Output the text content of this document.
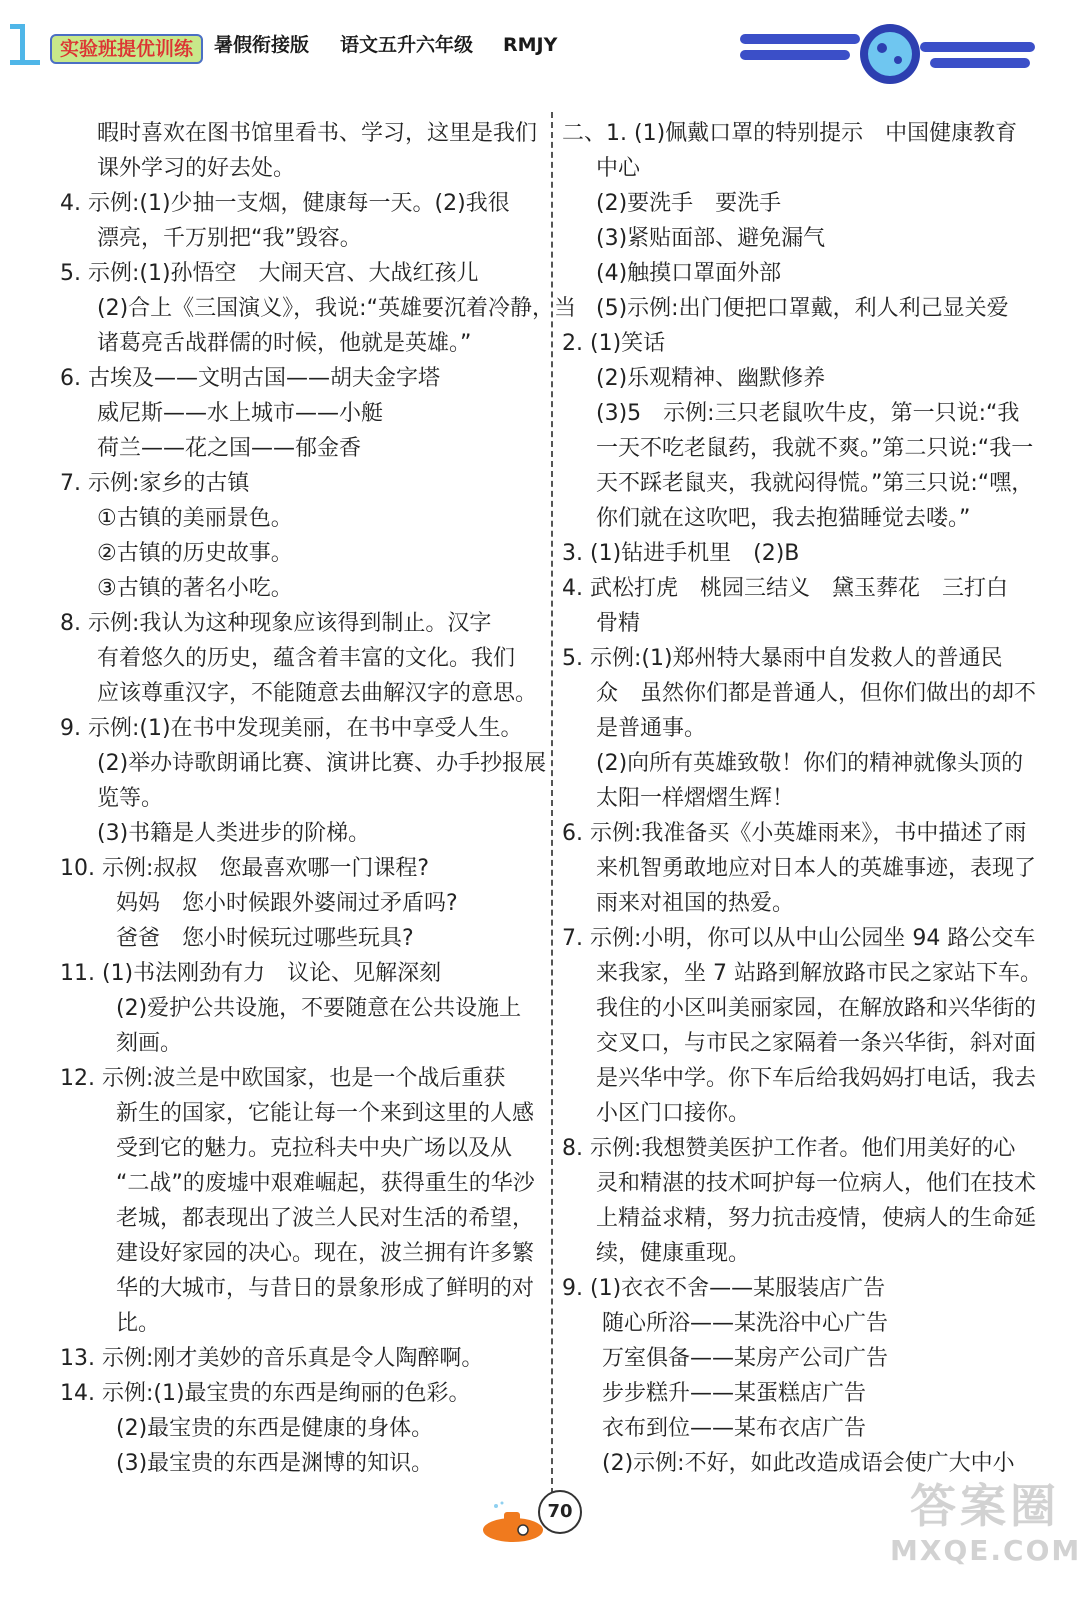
实验班提优训练	暑假衔接版 语文五升六年级 RMJY
暇时喜欢在图书馆里看书、学习，这里是我们
课外学习的好去处。
4. 示例:(1)少抽一支烟，健康每一天。(2)我很
漂亮，千万别把“我”毁容。
5. 示例:(1)孙悟空　大闹天宫、大战红孩儿
(2)合上《三国演义》，我说:“英雄要沉着冷静，当
诸葛亮舌战群儒的时候，他就是英雄。”
6. 古埃及——文明古国——胡夫金字塔
威尼斯——水上城市——小艇
荷兰——花之国——郁金香
7. 示例:家乡的古镇
①古镇的美丽景色。
②古镇的历史故事。
③古镇的著名小吃。
8. 示例:我认为这种现象应该得到制止。汉字
有着悠久的历史，蕴含着丰富的文化。我们
应该尊重汉字，不能随意去曲解汉字的意思。
9. 示例:(1)在书中发现美丽，在书中享受人生。
(2)举办诗歌朗诵比赛、演讲比赛、办手抄报展
览等。
(3)书籍是人类进步的阶梯。
10. 示例:叔叔　您最喜欢哪一门课程?
妈妈　您小时候跟外婆闹过矛盾吗?
爸爸　您小时候玩过哪些玩具?
11. (1)书法刚劲有力　议论、见解深刻
(2)爱护公共设施，不要随意在公共设施上
刻画。
12. 示例:波兰是中欧国家，也是一个战后重获
新生的国家，它能让每一个来到这里的人感
受到它的魅力。克拉科夫中央广场以及从
“二战”的废墟中艰难崛起，获得重生的华沙
老城，都表现出了波兰人民对生活的希望，
建设好家园的决心。现在，波兰拥有许多繁
华的大城市，与昔日的景象形成了鲜明的对
比。
13. 示例:刚才美妙的音乐真是令人陶醉啊。
14. 示例:(1)最宝贵的东西是绚丽的色彩。
(2)最宝贵的东西是健康的身体。
(3)最宝贵的东西是渊博的知识。
二、1. (1)佩戴口罩的特别提示　中国健康教育
中心
(2)要洗手　要洗手
(3)紧贴面部、避免漏气
(4)触摸口罩面外部
(5)示例:出门便把口罩戴，利人利己显关爱
2. (1)笑话
(2)乐观精神、幽默修养
(3)5　示例:三只老鼠吹牛皮，第一只说:“我
一天不吃老鼠药，我就不爽。”第二只说:“我一
天不踩老鼠夹，我就闷得慌。”第三只说:“嘿，
你们就在这吹吧，我去抱猫睡觉去喽。”
3. (1)钻进手机里　(2)B
4. 武松打虎　桃园三结义　黛玉葬花　三打白
骨精
5. 示例:(1)郑州特大暴雨中自发救人的普通民
众　虽然你们都是普通人，但你们做出的却不
是普通事。
(2)向所有英雄致敬！你们的精神就像头顶的
太阳一样熠熠生辉！
6. 示例:我准备买《小英雄雨来》，书中描述了雨
来机智勇敢地应对日本人的英雄事迹，表现了
雨来对祖国的热爱。
7. 示例:小明，你可以从中山公园坐 94 路公交车
来我家，坐 7 站路到解放路市民之家站下车。
我住的小区叫美丽家园，在解放路和兴华街的
交叉口，与市民之家隔着一条兴华街，斜对面
是兴华中学。你下车后给我妈妈打电话，我去
小区门口接你。
8. 示例:我想赞美医护工作者。他们用美好的心
灵和精湛的技术呵护每一位病人，他们在技术
上精益求精，努力抗击疫情，使病人的生命延
续，健康重现。
9. (1)衣衣不舍——某服装店广告
随心所浴——某洗浴中心广告
万室俱备——某房产公司广告
步步糕升——某蛋糕店广告
衣布到位——某布衣店广告
(2)示例:不好，如此改造成语会使广大中小
70	答案圈
MXQE.COM
